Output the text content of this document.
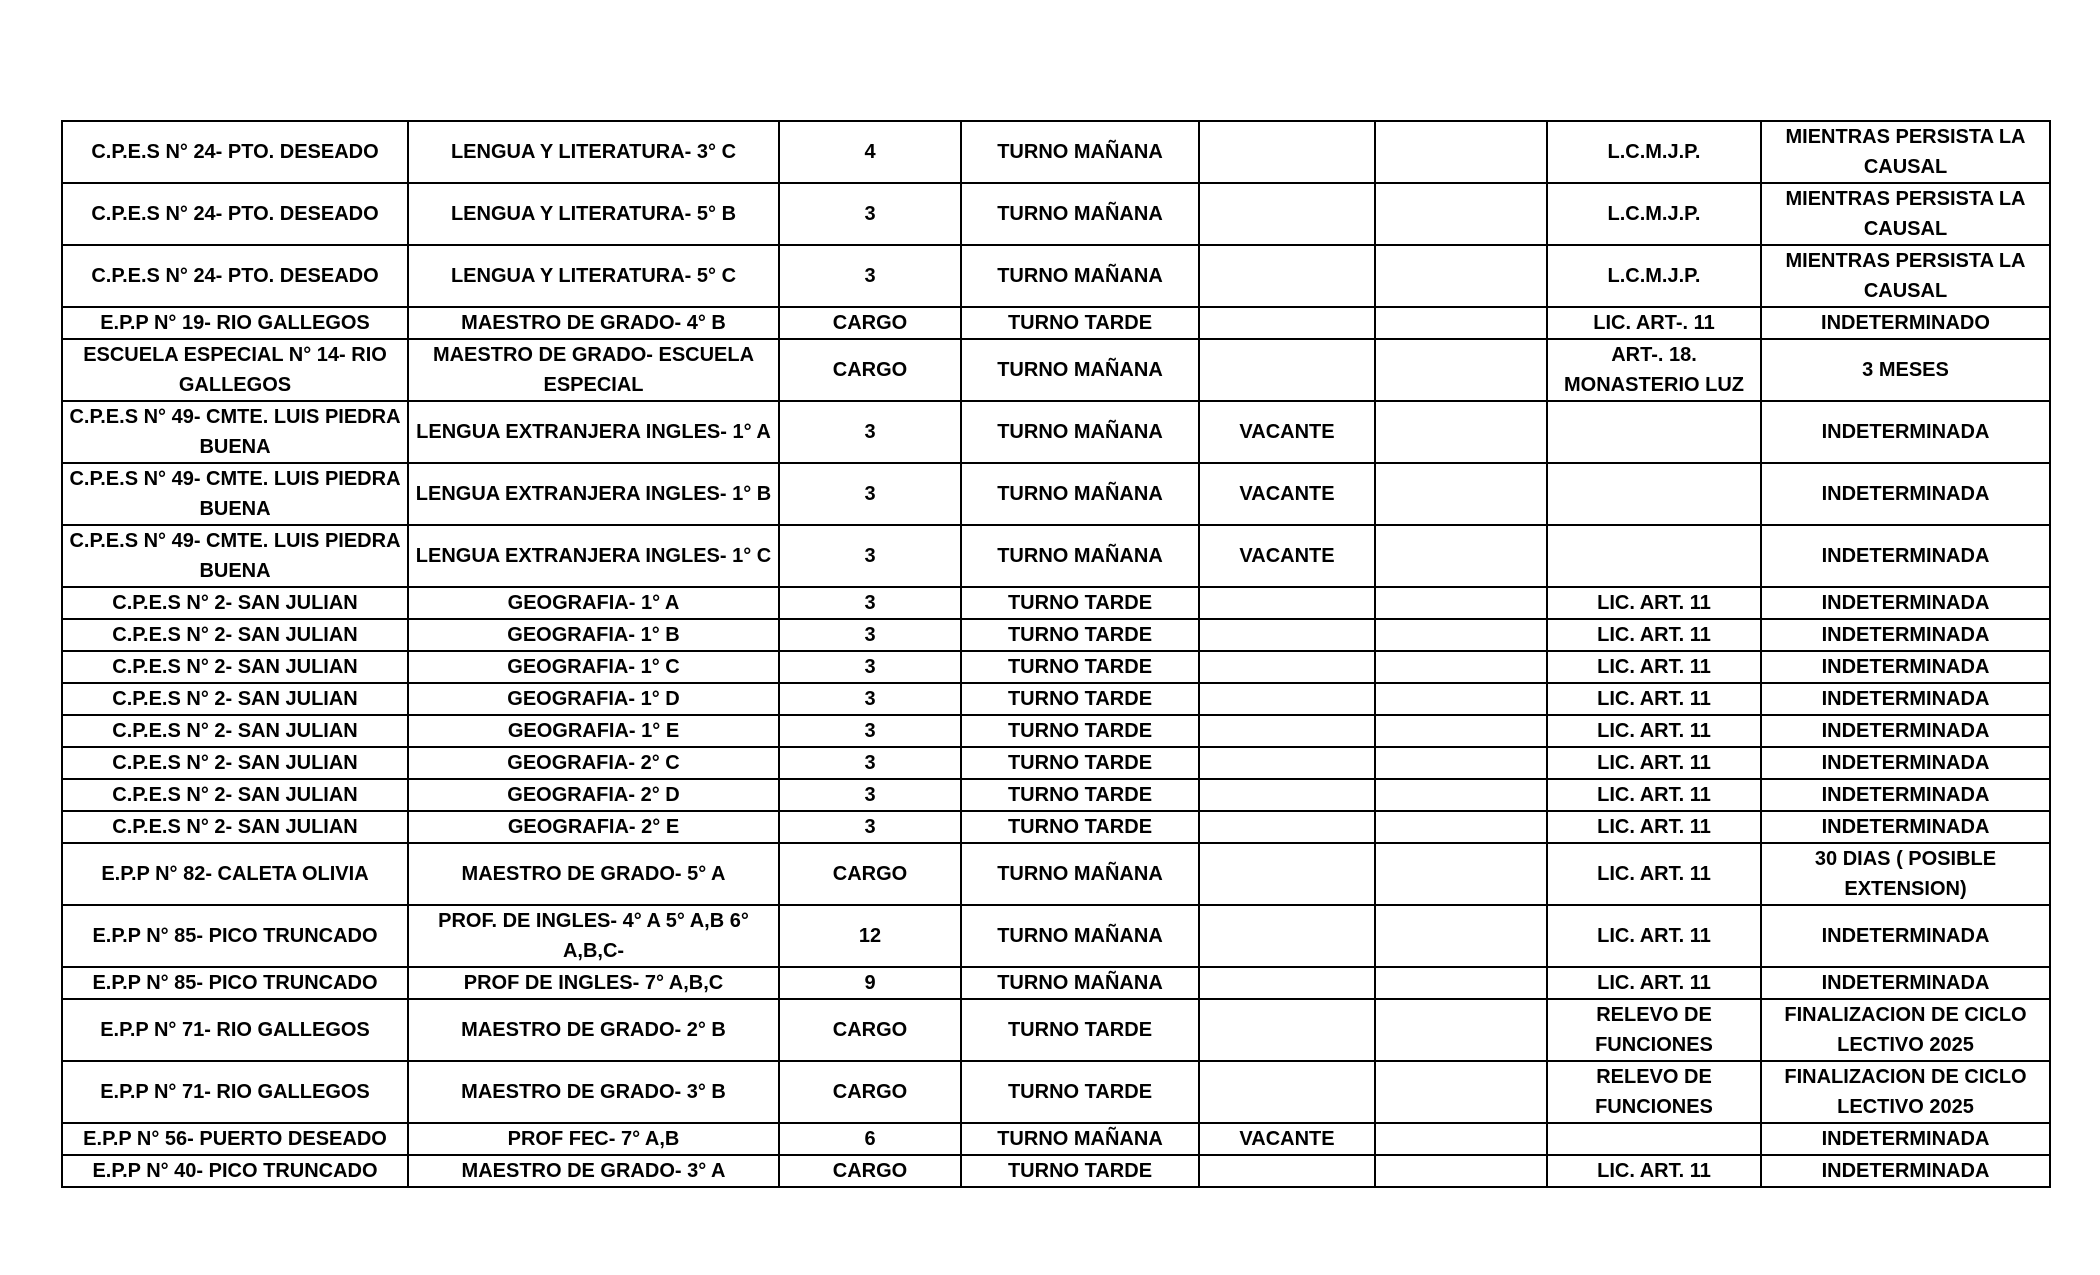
C.P.E.S N° 24- PTO. DESEADO	LENGUA Y LITERATURA- 3° C	4	TURNO MAÑANA			L.C.M.J.P.	MIENTRAS PERSISTA LA CAUSAL
C.P.E.S N° 24- PTO. DESEADO	LENGUA Y LITERATURA- 5° B	3	TURNO MAÑANA			L.C.M.J.P.	MIENTRAS PERSISTA LA CAUSAL
C.P.E.S N° 24- PTO. DESEADO	LENGUA Y LITERATURA- 5° C	3	TURNO MAÑANA			L.C.M.J.P.	MIENTRAS PERSISTA LA CAUSAL
E.P.P N° 19- RIO GALLEGOS	MAESTRO DE GRADO- 4° B	CARGO	TURNO TARDE			LIC. ART-. 11	INDETERMINADO
ESCUELA ESPECIAL N° 14- RIO GALLEGOS	MAESTRO DE GRADO- ESCUELA ESPECIAL	CARGO	TURNO MAÑANA			ART-. 18. MONASTERIO LUZ	3 MESES
C.P.E.S N° 49- CMTE. LUIS PIEDRA BUENA	LENGUA EXTRANJERA INGLES- 1° A	3	TURNO MAÑANA	VACANTE			INDETERMINADA
C.P.E.S N° 49- CMTE. LUIS PIEDRA BUENA	LENGUA EXTRANJERA INGLES- 1° B	3	TURNO MAÑANA	VACANTE			INDETERMINADA
C.P.E.S N° 49- CMTE. LUIS PIEDRA BUENA	LENGUA EXTRANJERA INGLES- 1° C	3	TURNO MAÑANA	VACANTE			INDETERMINADA
C.P.E.S N° 2- SAN JULIAN	GEOGRAFIA- 1° A	3	TURNO TARDE			LIC. ART. 11	INDETERMINADA
C.P.E.S N° 2- SAN JULIAN	GEOGRAFIA- 1° B	3	TURNO TARDE			LIC. ART. 11	INDETERMINADA
C.P.E.S N° 2- SAN JULIAN	GEOGRAFIA- 1° C	3	TURNO TARDE			LIC. ART. 11	INDETERMINADA
C.P.E.S N° 2- SAN JULIAN	GEOGRAFIA- 1° D	3	TURNO TARDE			LIC. ART. 11	INDETERMINADA
C.P.E.S N° 2- SAN JULIAN	GEOGRAFIA- 1° E	3	TURNO TARDE			LIC. ART. 11	INDETERMINADA
C.P.E.S N° 2- SAN JULIAN	GEOGRAFIA- 2° C	3	TURNO TARDE			LIC. ART. 11	INDETERMINADA
C.P.E.S N° 2- SAN JULIAN	GEOGRAFIA- 2° D	3	TURNO TARDE			LIC. ART. 11	INDETERMINADA
C.P.E.S N° 2- SAN JULIAN	GEOGRAFIA- 2° E	3	TURNO TARDE			LIC. ART. 11	INDETERMINADA
E.P.P N° 82- CALETA OLIVIA	MAESTRO DE GRADO- 5° A	CARGO	TURNO MAÑANA			LIC. ART. 11	30 DIAS ( POSIBLE EXTENSION)
E.P.P N° 85- PICO TRUNCADO	PROF. DE INGLES- 4° A 5° A,B 6° A,B,C-	12	TURNO MAÑANA			LIC. ART. 11	INDETERMINADA
E.P.P N° 85- PICO TRUNCADO	PROF DE INGLES- 7° A,B,C	9	TURNO MAÑANA			LIC. ART. 11	INDETERMINADA
E.P.P N° 71- RIO GALLEGOS	MAESTRO DE GRADO- 2° B	CARGO	TURNO TARDE			RELEVO DE FUNCIONES	FINALIZACION DE CICLO LECTIVO 2025
E.P.P N° 71- RIO GALLEGOS	MAESTRO DE GRADO- 3° B	CARGO	TURNO TARDE			RELEVO DE FUNCIONES	FINALIZACION DE CICLO LECTIVO 2025
E.P.P N° 56- PUERTO DESEADO	PROF FEC- 7° A,B	6	TURNO MAÑANA	VACANTE			INDETERMINADA
E.P.P N° 40- PICO TRUNCADO	MAESTRO DE GRADO- 3° A	CARGO	TURNO TARDE			LIC. ART. 11	INDETERMINADA
